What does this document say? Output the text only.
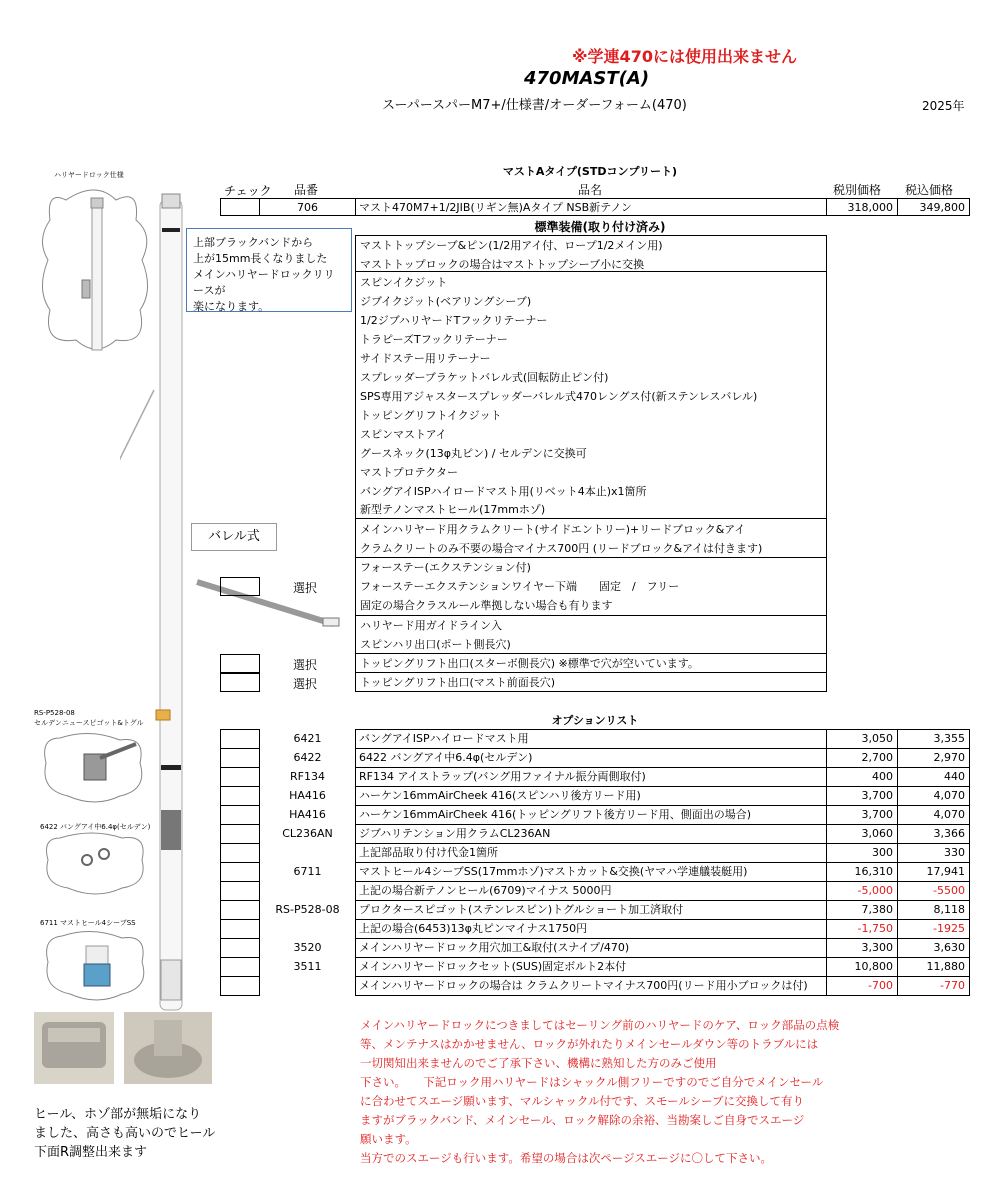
※学連470には使用出来ません
470MAST(A)
スーパースパーM7+/仕様書/オーダーフォーム(470)	2025年
ハリヤードロック仕様
RS-P528-08
セルデンニュースピゴット&トグル
6422 バングアイ中6.4φ(セルデン)
6711 マストヒール4シーブSS
ヒール、ホゾ部が無垢になり
ました、高さも高いのでヒール
下面R調整出来ます
上部ブラックバンドから
上が15mm長くなりました
メインハリヤードロックリリースが
楽になります。
バレル式
マストAタイプ(STDコンプリート)
チェック 品番	品名	税別価格 税込価格
706	マスト470M7+1/2JIB(リギン無)Aタイプ NSB新テノン	318,000	349,800
標準装備(取り付け済み)
マストトップシーブ&ピン(1/2用アイ付、ロープ1/2メイン用)
マストトップロックの場合はマストトップシーブ小に交換
スピンイクジット
ジブイクジット(ベアリングシーブ)
1/2ジブハリヤードTフックリテーナー
トラピーズTフックリテーナー
サイドステー用リテーナー
スプレッダーブラケットバレル式(回転防止ピン付)
SPS専用アジャスタースプレッダーバレル式470レングス付(新ステンレスバレル)
トッピングリフトイクジット
スピンマストアイ
グースネック(13φ丸ピン) / セルデンに交換可
マストプロテクター
バングアイISPハイロードマスト用(リベット4本止)x1箇所
新型テノンマストヒール(17mmホゾ)
メインハリヤード用クラムクリート(サイドエントリー)+リードブロック&アイ
クラムクリートのみ不要の場合マイナス700円 (リードブロック&アイは付きます)
フォーステー(エクステンション付)
フォーステーエクステンションワイヤー下端　　固定　/　フリー
固定の場合クラスルール準拠しない場合も有ります
ハリヤード用ガイドライン入
スピンハリ出口(ポート側長穴)
トッピングリフト出口(スターボ側長穴) ※標準で穴が空いています。
トッピングリフト出口(マスト前面長穴)
選択
選択
選択
オプションリスト
6421	バングアイISPハイロードマスト用	3,050	3,355
6422	6422 バングアイ中6.4φ(セルデン)	2,700	2,970
RF134	RF134 アイストラップ(バング用ファイナル振分両側取付)	400	440
HA416	ハーケン16mmAirCheek 416(スピンハリ後方リード用)	3,700	4,070
HA416	ハーケン16mmAirCheek 416(トッピングリフト後方リード用、側面出の場合)	3,700	4,070
CL236AN	ジブハリテンション用クラムCL236AN	3,060	3,366
上記部品取り付け代金1箇所	300	330
6711	マストヒール4シーブSS(17mmホゾ)マストカット&交換(ヤマハ学連艤装艇用)	16,310	17,941
上記の場合新テノンヒール(6709)マイナス 5000円	-5,000	-5500
RS-P528-08	プロクタースピゴット(ステンレスピン)トグルショート加工済取付	7,380	8,118
上記の場合(6453)13φ丸ピンマイナス1750円	-1,750	-1925
3520	メインハリヤードロック用穴加工&取付(スナイプ/470)	3,300	3,630
3511	メインハリヤードロックセット(SUS)固定ボルト2本付	10,800	11,880
メインハリヤードロックの場合は クラムクリートマイナス700円(リード用小ブロックは付)	-700	-770
メインハリヤードロックにつきましてはセーリング前のハリヤードのケア、ロック部品の点検
等、メンテナスはかかせません、ロックが外れたりメインセールダウン等のトラブルには
一切関知出来ませんのでご了承下さい、機構に熟知した方のみご使用
下さい。　　下記ロック用ハリヤードはシャックル側フリーですのでご自分でメインセール
に合わせてスエージ願います、マルシャックル付です、スモールシーブに交換して有り
ますがブラックバンド、メインセール、ロック解除の余裕、当勘案しご自身でスエージ
願います。
当方でのスエージも行います。希望の場合は次ページスエージに〇して下さい。
